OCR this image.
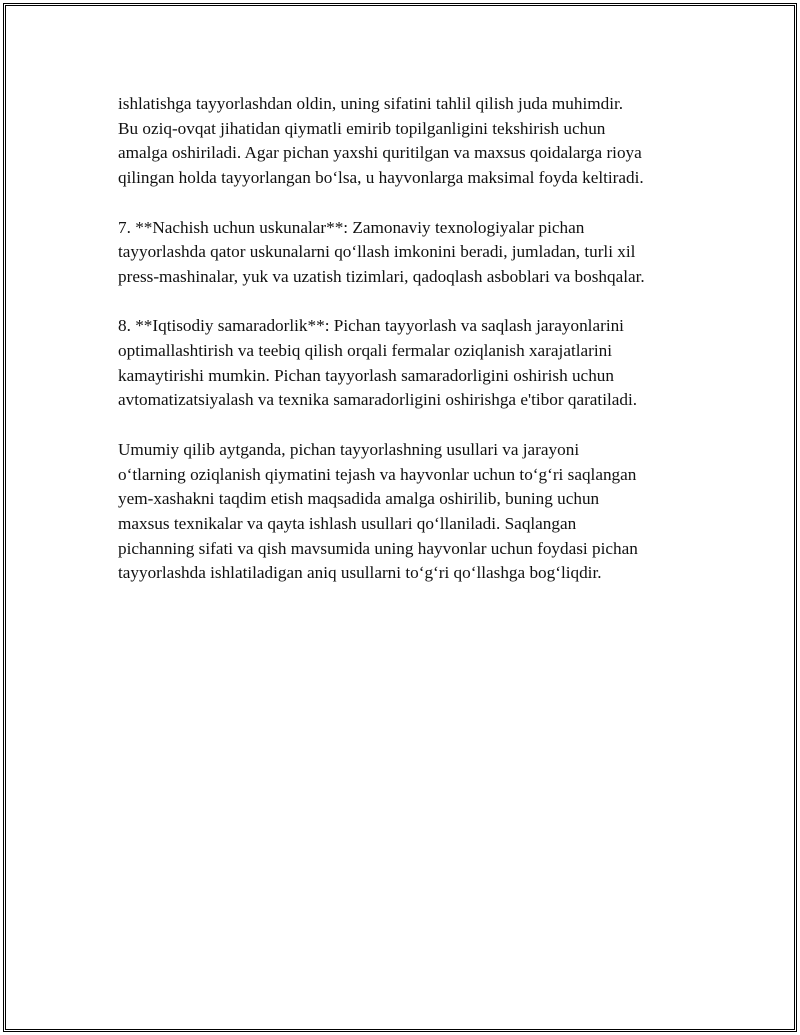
ishlatishga tayyorlashdan oldin, uning sifatini tahlil qilish juda muhimdir.
Bu oziq-ovqat jihatidan qiymatli emirib topilganligini tekshirish uchun
amalga oshiriladi. Agar pichan yaxshi quritilgan va maxsus qoidalarga rioya
qilingan holda tayyorlangan bo‘lsa, u hayvonlarga maksimal foyda keltiradi.

7. **Nachish uchun uskunalar**: Zamonaviy texnologiyalar pichan
tayyorlashda qator uskunalarni qo‘llash imkonini beradi, jumladan, turli xil
press-mashinalar, yuk va uzatish tizimlari, qadoqlash asboblari va boshqalar.

8. **Iqtisodiy samaradorlik**: Pichan tayyorlash va saqlash jarayonlarini
optimallashtirish va teebiq qilish orqali fermalar oziqlanish xarajatlarini
kamaytirishi mumkin. Pichan tayyorlash samaradorligini oshirish uchun
avtomatizatsiyalash va texnika samaradorligini oshirishga e'tibor qaratiladi.

Umumiy qilib aytganda, pichan tayyorlashning usullari va jarayoni
o‘tlarning oziqlanish qiymatini tejash va hayvonlar uchun to‘g‘ri saqlangan
yem-xashakni taqdim etish maqsadida amalga oshirilib, buning uchun
maxsus texnikalar va qayta ishlash usullari qo‘llaniladi. Saqlangan
pichanning sifati va qish mavsumida uning hayvonlar uchun foydasi pichan
tayyorlashda ishlatiladigan aniq usullarni to‘g‘ri qo‘llashga bog‘liqdir.
